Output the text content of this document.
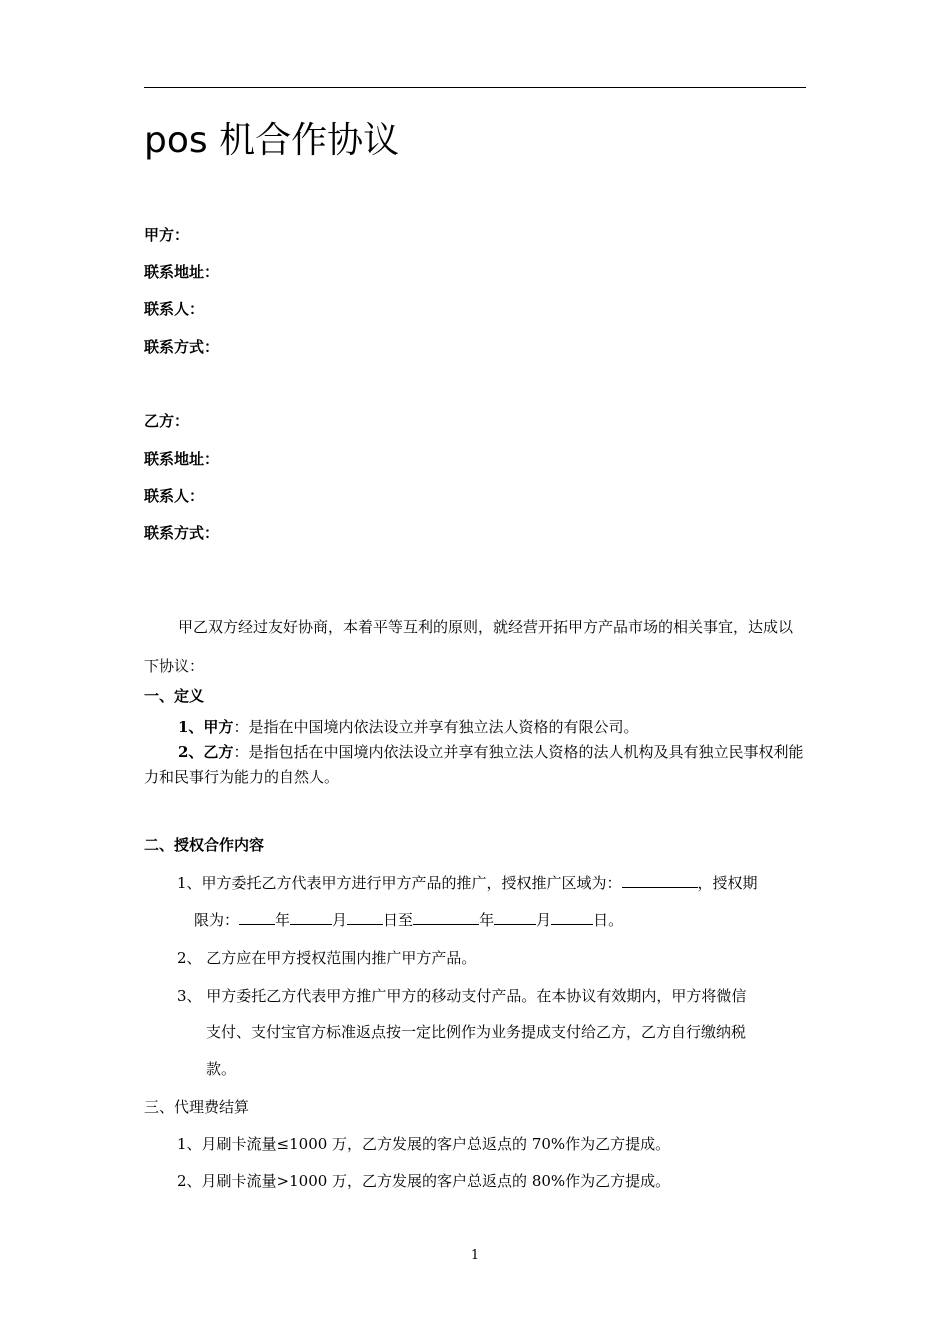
pos 机合作协议
甲方：
联系地址：
联系人：
联系方式：
乙方：
联系地址：
联系人：
联系方式：
甲乙双方经过友好协商，本着平等互利的原则，就经营开拓甲方产品市场的相关事宜，达成以下协议：
一、定义
1、甲方：是指在中国境内依法设立并享有独立法人资格的有限公司。
2、乙方：是指包括在中国境内依法设立并享有独立法人资格的法人机构及具有独立民事权利能力和民事行为能力的自然人。
二、授权合作内容
1、甲方委托乙方代表甲方进行甲方产品的推广，授权推广区域为：	，授权期
限为： 年	月 日至	年	月	日。
2、 乙方应在甲方授权范围内推广甲方产品。
3、 甲方委托乙方代表甲方推广甲方的移动支付产品。在本协议有效期内，甲方将微信
支付、支付宝官方标准返点按一定比例作为业务提成支付给乙方，乙方自行缴纳税
款。
三、代理费结算
1、月刷卡流量≤1000 万，乙方发展的客户总返点的 70%作为乙方提成。
2、月刷卡流量>1000 万，乙方发展的客户总返点的 80%作为乙方提成。
1
